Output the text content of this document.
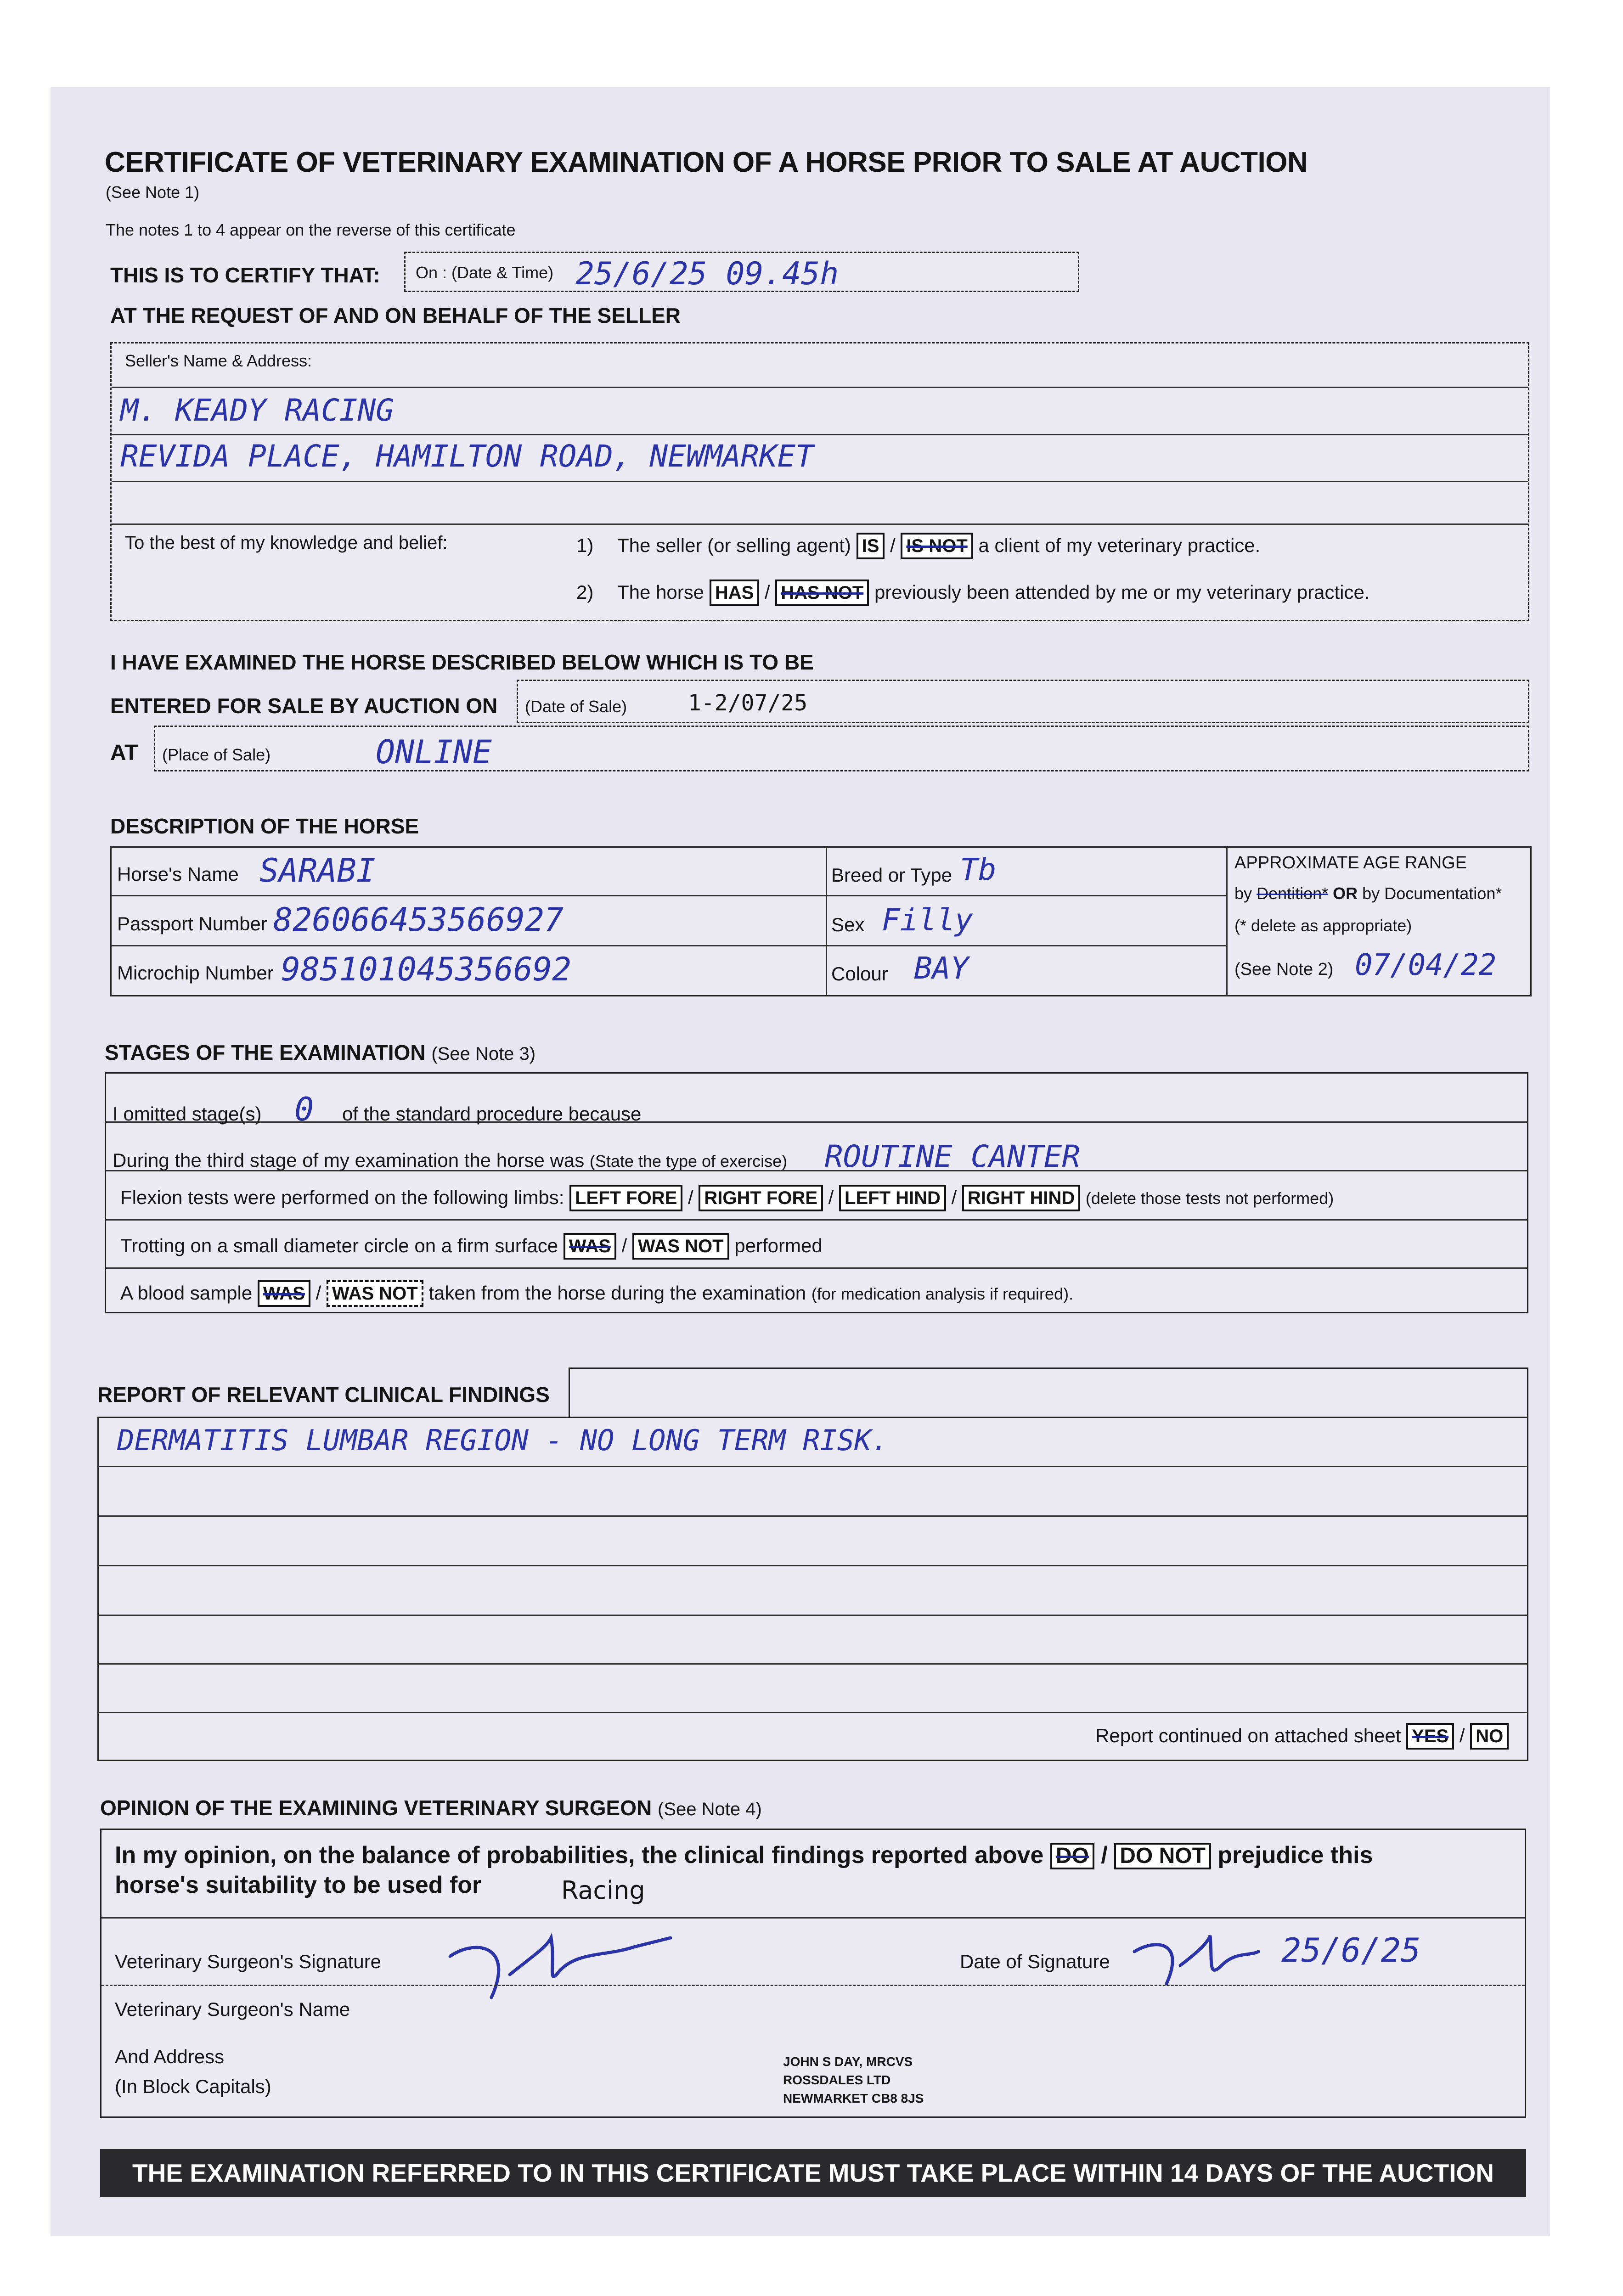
CERTIFICATE OF VETERINARY EXAMINATION OF A HORSE PRIOR TO SALE AT AUCTION
(See Note 1)
The notes 1 to 4 appear on the reverse of this certificate
THIS IS TO CERTIFY THAT: On : (Date & Time) 25/6/25 09.45h
AT THE REQUEST OF AND ON BEHALF OF THE SELLER
Seller's Name & Address:
M. KEADY RACING
REVIDA PLACE, HAMILTON ROAD, NEWMARKET
To the best of my knowledge and belief:	1) The seller (or selling agent) IS / IS NOT a client of my veterinary practice.
2) The horse HAS / HAS NOT previously been attended by me or my veterinary practice.
I HAVE EXAMINED THE HORSE DESCRIBED BELOW WHICH IS TO BE
ENTERED FOR SALE BY AUCTION ON (Date of Sale)	1-2/07/25
AT (Place of Sale)	ONLINE
DESCRIPTION OF THE HORSE
Horse's Name SARABI
Passport Number 826066453566927
Microchip Number 985101045356692
Breed or Type Tb
Sex Filly
Colour BAY
APPROXIMATE AGE RANGE
by Dentition* OR by Documentation*
(* delete as appropriate)
(See Note 2) 07/04/22
STAGES OF THE EXAMINATION (See Note 3)
I omitted stage(s) 0 of the standard procedure because
During the third stage of my examination the horse was (State the type of exercise) ROUTINE CANTER
Flexion tests were performed on the following limbs: LEFT FORE / RIGHT FORE / LEFT HIND / RIGHT HIND (delete those tests not performed)
Trotting on a small diameter circle on a firm surface WAS / WAS NOT performed
A blood sample WAS / WAS NOT taken from the horse during the examination (for medication analysis if required).
REPORT OF RELEVANT CLINICAL FINDINGS
DERMATITIS LUMBAR REGION - NO LONG TERM RISK.
Report continued on attached sheet YES / NO
OPINION OF THE EXAMINING VETERINARY SURGEON (See Note 4)
In my opinion, on the balance of probabilities, the clinical findings reported above DO / DO NOT prejudice this
horse's suitability to be used for	Racing
Veterinary Surgeon's Signature	Date of Signature	25/6/25
Veterinary Surgeon's Name
And Address
(In Block Capitals)
JOHN S DAY, MRCVS
ROSSDALES LTD
NEWMARKET CB8 8JS
THE EXAMINATION REFERRED TO IN THIS CERTIFICATE MUST TAKE PLACE WITHIN 14 DAYS OF THE AUCTION
